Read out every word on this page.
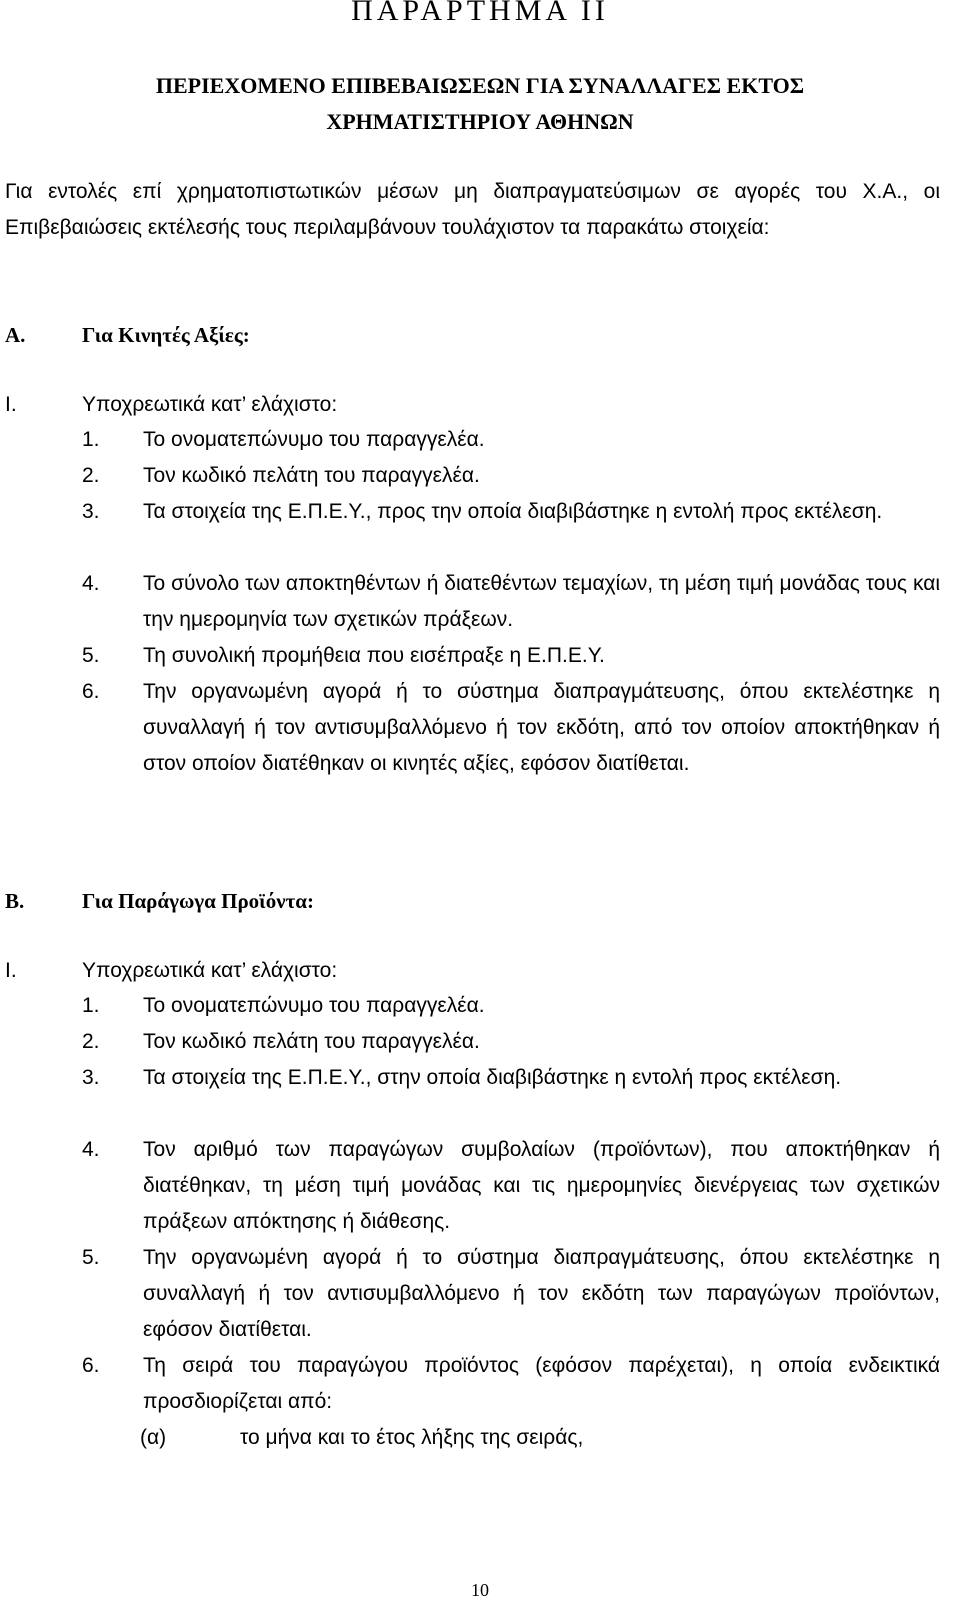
ΠΑΡΑΡΤΗΜΑ ΙΙ
ΠΕΡΙΕΧΟΜΕΝΟ ΕΠΙΒΕΒΑΙΩΣΕΩΝ ΓΙΑ ΣΥΝΑΛΛΑΓΕΣ ΕΚΤΟΣ
ΧΡΗΜΑΤΙΣΤΗΡΙΟΥ ΑΘΗΝΩΝ
Για εντολές επί χρηματοπιστωτικών μέσων μη διαπραγματεύσιμων σε αγορές του Χ.Α., οι Επιβεβαιώσεις εκτέλεσής τους περιλαμβάνουν τουλάχιστον τα παρακάτω στοιχεία:
Α.	Για Κινητές Αξίες:
Ι.	Υποχρεωτικά κατ’ ελάχιστο:
1. Το ονοματεπώνυμο του παραγγελέα.
2. Τον κωδικό πελάτη του παραγγελέα.
3. Τα στοιχεία της Ε.Π.Ε.Υ., προς την οποία διαβιβάστηκε η εντολή προς εκτέλεση.
4. Το σύνολο των αποκτηθέντων ή διατεθέντων τεμαχίων, τη μέση τιμή μονάδας τους και την ημερομηνία των σχετικών πράξεων.
5. Τη συνολική προμήθεια που εισέπραξε η Ε.Π.Ε.Υ.
6. Την οργανωμένη αγορά ή το σύστημα διαπραγμάτευσης, όπου εκτελέστηκε η συναλλαγή ή τον αντισυμβαλλόμενο ή τον εκδότη, από τον οποίον αποκτήθηκαν ή στον οποίον διατέθηκαν οι κινητές αξίες, εφόσον διατίθεται.
Β.	Για Παράγωγα Προϊόντα:
Ι.	Υποχρεωτικά κατ’ ελάχιστο:
1. Το ονοματεπώνυμο του παραγγελέα.
2. Τον κωδικό πελάτη του παραγγελέα.
3. Τα στοιχεία της Ε.Π.Ε.Υ., στην οποία διαβιβάστηκε η εντολή προς εκτέλεση.
4. Τον αριθμό των παραγώγων συμβολαίων (προϊόντων), που αποκτήθηκαν ή διατέθηκαν, τη μέση τιμή μονάδας και τις ημερομηνίες διενέργειας των σχετικών πράξεων απόκτησης ή διάθεσης.
5. Την οργανωμένη αγορά ή το σύστημα διαπραγμάτευσης, όπου εκτελέστηκε η συναλλαγή ή τον αντισυμβαλλόμενο ή τον εκδότη των παραγώγων προϊόντων, εφόσον διατίθεται.
6. Τη σειρά του παραγώγου προϊόντος (εφόσον παρέχεται), η οποία ενδεικτικά προσδιορίζεται από:
(α)	το μήνα και το έτος λήξης της σειράς,
10
